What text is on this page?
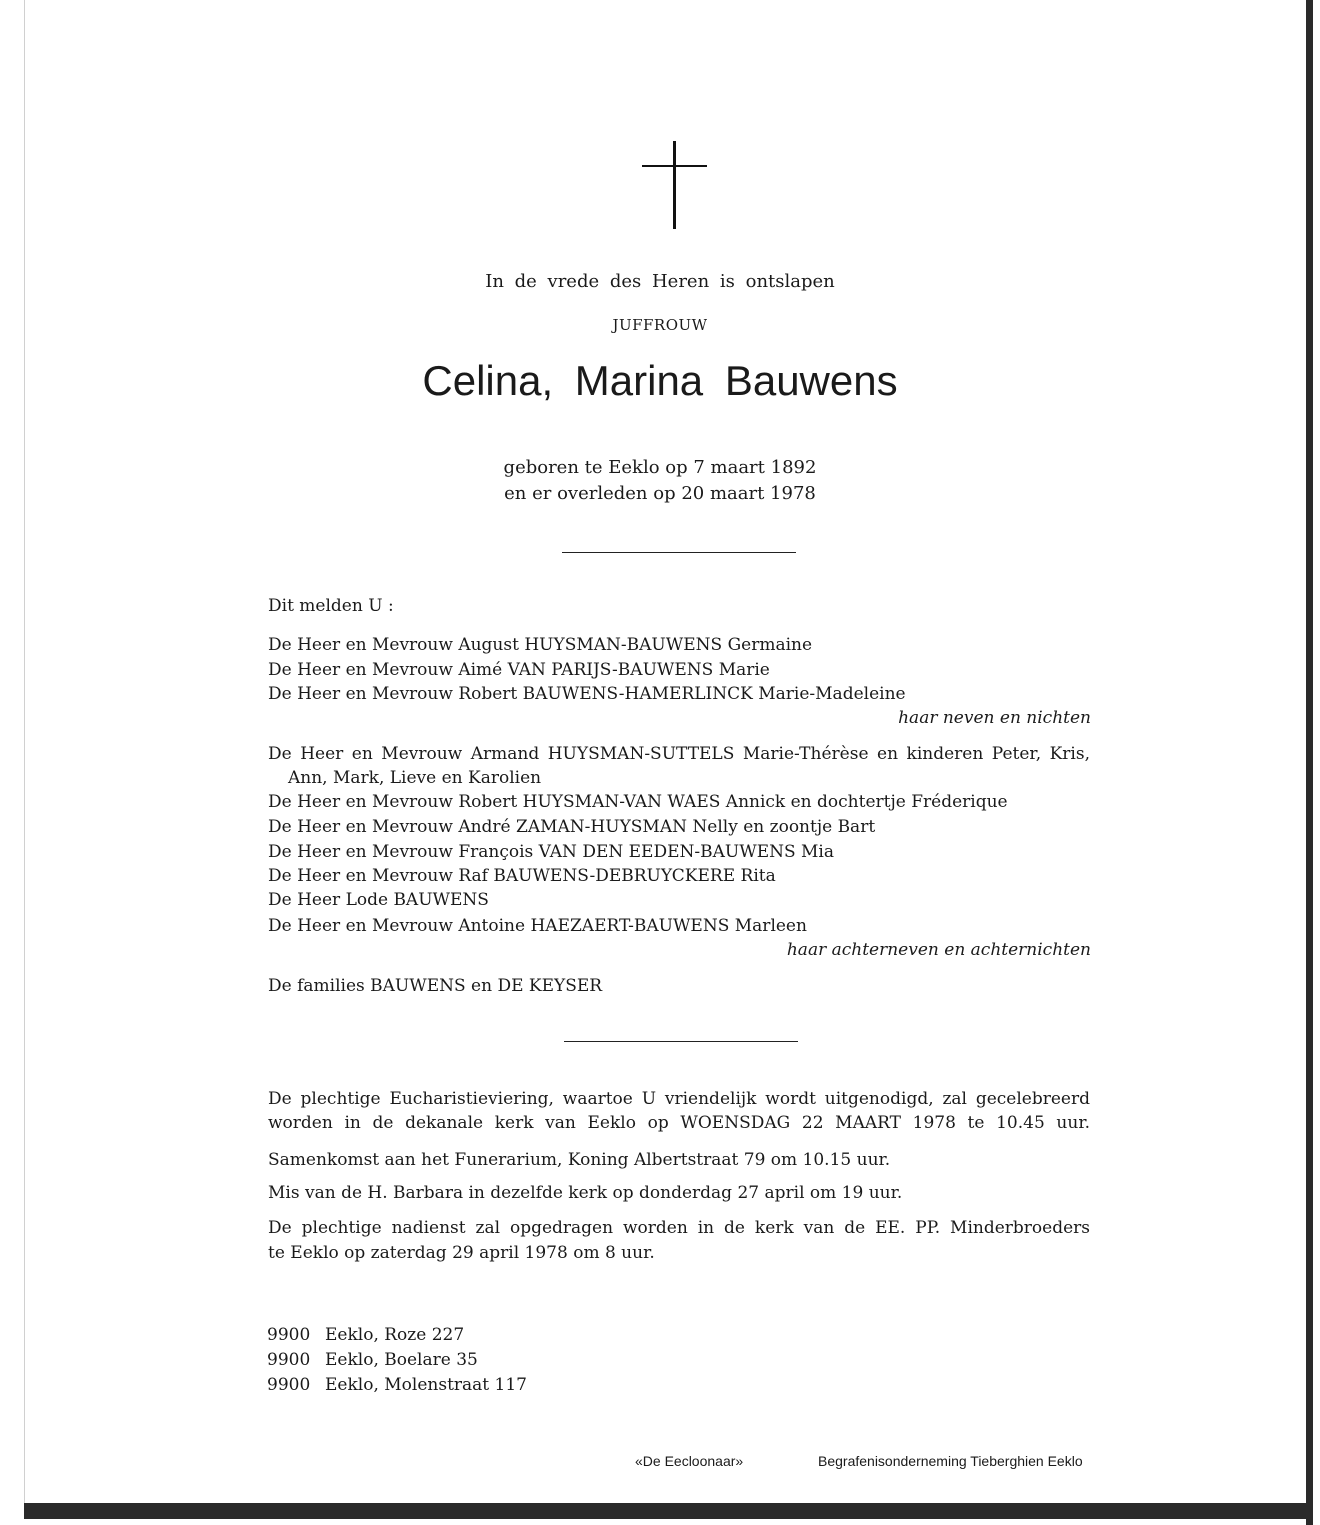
In de vrede des Heren is ontslapen
JUFFROUW
Celina, Marina Bauwens
geboren te Eeklo op 7 maart 1892
en er overleden op 20 maart 1978
Dit melden U :
De Heer en Mevrouw August HUYSMAN-BAUWENS Germaine
De Heer en Mevrouw Aimé VAN PARIJS-BAUWENS Marie
De Heer en Mevrouw Robert BAUWENS-HAMERLINCK Marie-Madeleine
haar neven en nichten
De Heer en Mevrouw Armand HUYSMAN-SUTTELS Marie-Thérèse en kinderen Peter, Kris,
Ann, Mark, Lieve en Karolien
De Heer en Mevrouw Robert HUYSMAN-VAN WAES Annick en dochtertje Fréderique
De Heer en Mevrouw André ZAMAN-HUYSMAN Nelly en zoontje Bart
De Heer en Mevrouw François VAN DEN EEDEN-BAUWENS Mia
De Heer en Mevrouw Raf BAUWENS-DEBRUYCKERE Rita
De Heer Lode BAUWENS
De Heer en Mevrouw Antoine HAEZAERT-BAUWENS Marleen
haar achterneven en achternichten
De families BAUWENS en DE KEYSER
De plechtige Eucharistieviering, waartoe U vriendelijk wordt uitgenodigd, zal gecelebreerd
worden in de dekanale kerk van Eeklo op WOENSDAG 22 MAART 1978 te 10.45 uur.
Samenkomst aan het Funerarium, Koning Albertstraat 79 om 10.15 uur.
Mis van de H. Barbara in dezelfde kerk op donderdag 27 april om 19 uur.
De plechtige nadienst zal opgedragen worden in de kerk van de EE. PP. Minderbroeders
te Eeklo op zaterdag 29 april 1978 om 8 uur.
9900 Eeklo, Roze 227
9900 Eeklo, Boelare 35
9900 Eeklo, Molenstraat 117
«De Eecloonaar»	Begrafenisonderneming Tieberghien Eeklo
